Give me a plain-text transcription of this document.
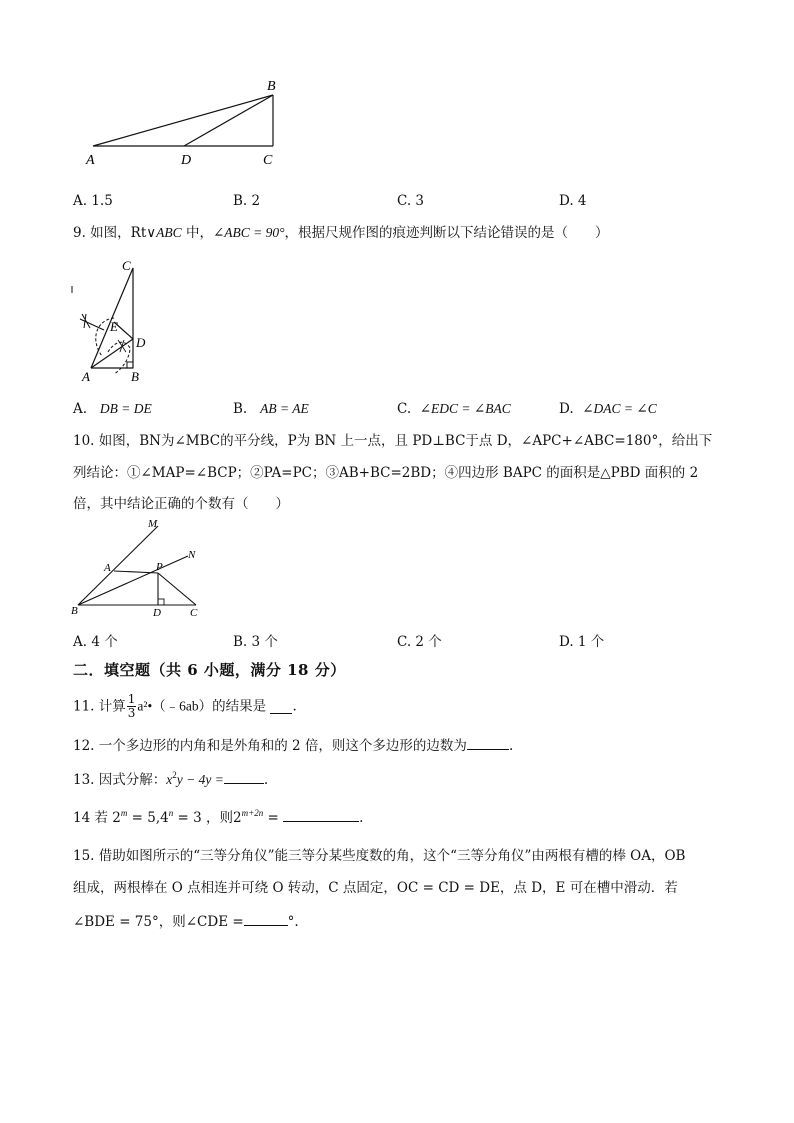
B
A	D	C
A. 1.5	B. 2	C. 3	D. 4
9. 如图，Rt∨ABC 中，∠ABC = 90°，根据尺规作图的痕迹判断以下结论错误的是（　　）
C
E
D
A	B
A. DB = DE	B. AB = AE	C. ∠EDC = ∠BAC	D. ∠DAC = ∠C
10. 如图，BN为∠MBC的平分线，P为 BN 上一点，且 PD⊥BC于点 D，∠APC+∠ABC=180°，给出下
列结论：①∠MAP=∠BCP；②PA=PC；③AB+BC=2BD；④四边形 BAPC 的面积是△PBD 面积的 2
倍，其中结论正确的个数有（　　）
M
N
A	P
B	D	C
A. 4 个	B. 3 个	C. 2 个	D. 1 个
二．填空题（共 6 小题，满分 18 分）
11. 计算 $\frac{1}{3}$ a²•（﹣6ab）的结果是 .
12. 一个多边形的内角和是外角和的 2 倍，则这个多边形的边数为	.
13. 因式分解：$x^2y - 4y$ =	.
14 若 $2^m = 5,4^n = 3$ ，则$2^{m+2n}$ =	.
15. 借助如图所示的“三等分角仪”能三等分某些度数的角，这个“三等分角仪”由两根有槽的棒 OA，OB
组成，两根棒在 O 点相连并可绕 O 转动，C 点固定，OC = CD = DE，点 D，E 可在槽中滑动．若
∠BDE = 75°，则∠CDE =	°.
